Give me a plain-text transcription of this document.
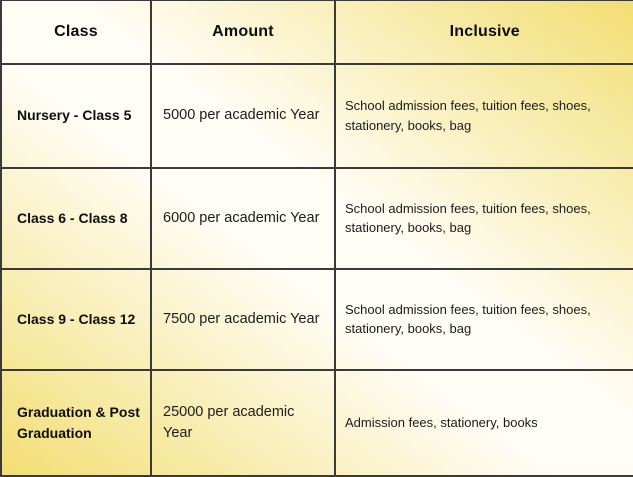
Class	Amount	Inclusive
Nursery - Class 5	5000 per academic Year	School admission fees, tuition fees, shoes, stationery, books, bag
Class 6 - Class 8	6000 per academic Year	School admission fees, tuition fees, shoes, stationery, books, bag
Class 9 - Class 12	7500 per academic Year	School admission fees, tuition fees, shoes, stationery, books, bag
Graduation & Post Graduation	25000 per academic Year	Admission fees, stationery, books
